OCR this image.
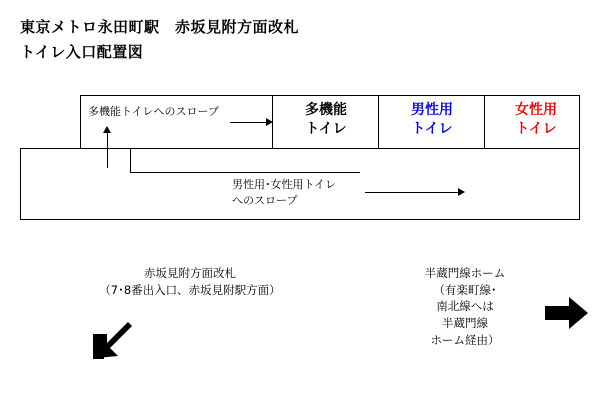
東京メトロ永田町駅　赤坂見附方面改札
トイレ入口配置図
多機能トイレへのスロープ	多機能
トイレ
男性用
トイレ
女性用
トイレ
男性用･女性用トイレ
へのスロープ
赤坂見附方面改札
（7･8番出入口、赤坂見附駅方面）
半蔵門線ホーム
（有楽町線･
南北線へは
半蔵門線
ホーム経由）
